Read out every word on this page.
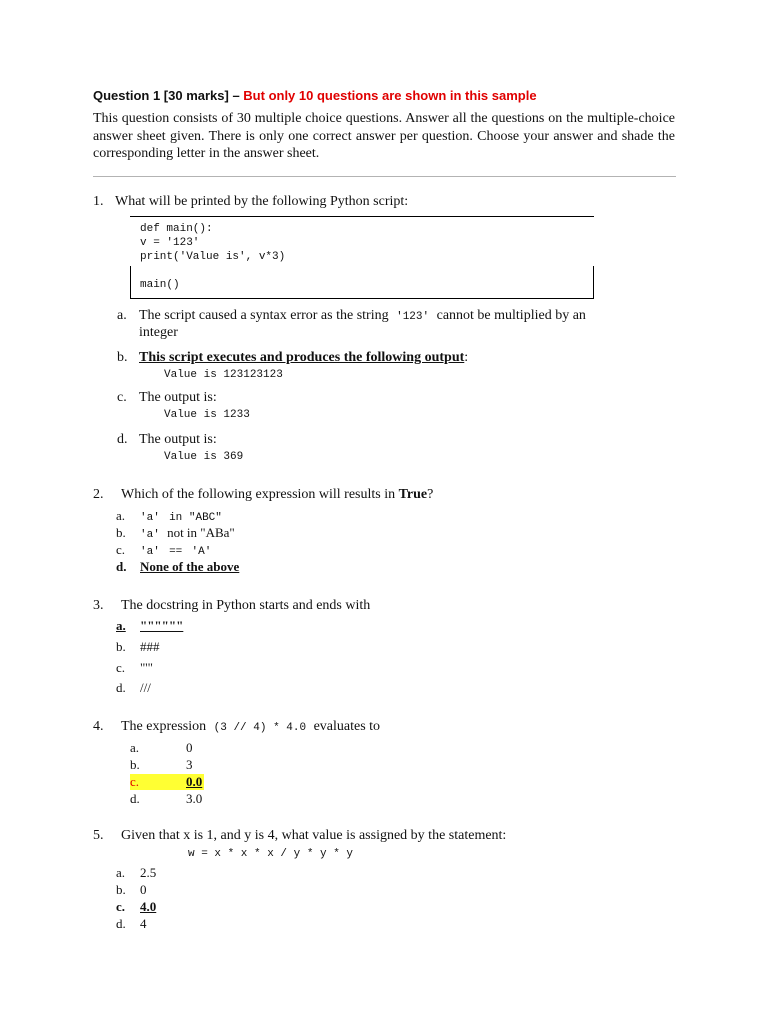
Question 1 [30 marks] – But only 10 questions are shown in this sample
This question consists of 30 multiple choice questions. Answer all the questions on the multiple-choice answer sheet given. There is only one correct answer per question. Choose your answer and shade the corresponding letter in the answer sheet.
1. What will be printed by the following Python script:
def main():
v = '123'
print('Value is', v*3)
main()
a. The script caused a syntax error as the string '123' cannot be multiplied by an
integer
b. This script executes and produces the following output:
Value is 123123123
c. The output is:
Value is 1233
d. The output is:
Value is 369
2. Which of the following expression will results in True?
a. 'a' in "ABC"
b. 'a' not in "ABa"
c. 'a' == 'A'
d. None of the above
3. The docstring in Python starts and ends with
a. """"""
b. ###
c. "'"
d. ///
4. The expression (3 // 4) * 4.0 evaluates to
a.	0
b.	3
c.	0.0
d.	3.0
5. Given that x is 1, and y is 4, what value is assigned by the statement:
w = x * x * x / y * y * y
a. 2.5
b. 0
c. 4.0
d. 4
